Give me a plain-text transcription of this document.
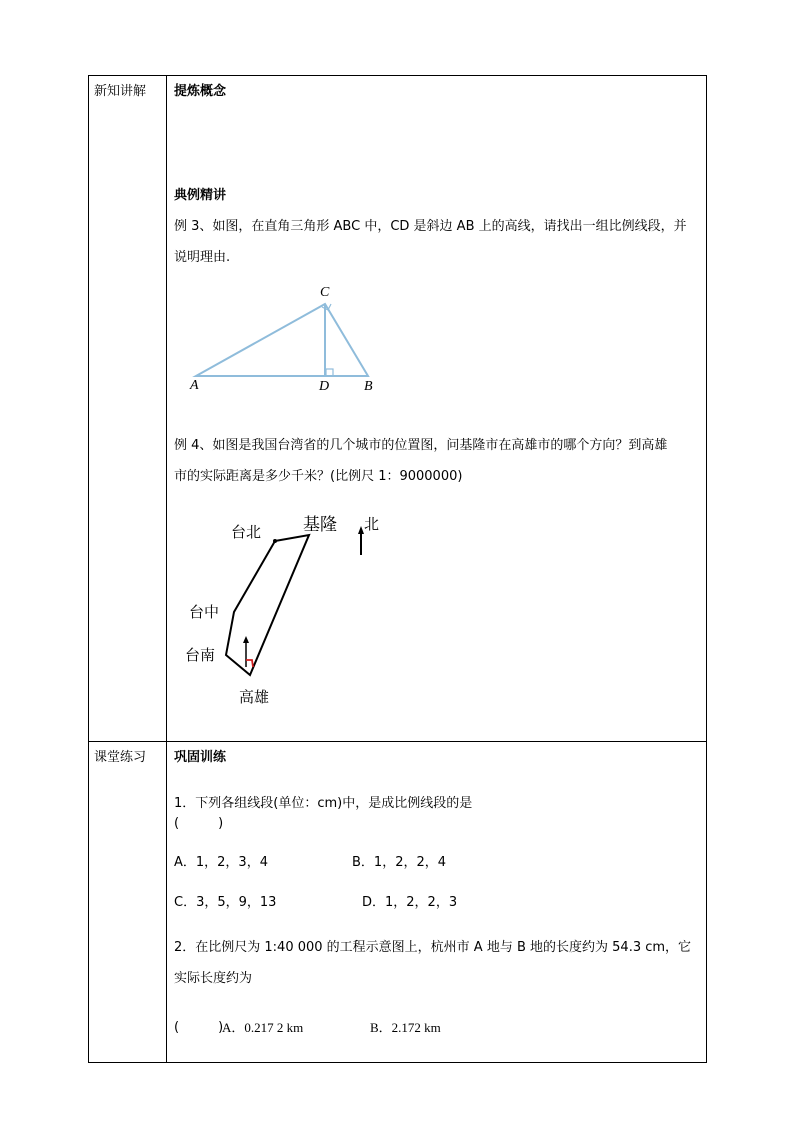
新知讲解 提炼概念
典例精讲
例 3、如图，在直角三角形 ABC 中，CD 是斜边 AB 上的高线，请找出一组比例线段，并
说明理由.
C
A	D B
例 4、如图是我国台湾省的几个城市的位置图，问基隆市在高雄市的哪个方向？到高雄
市的实际距离是多少千米？(比例尺 1：9000000)
台北 基隆 北
台中
台南
高雄
课堂练习 巩固训练
1．下列各组线段(单位：cm)中，是成比例线段的是
(　　　)
A．1，2，3，4	B．1，2，2，4
C．3，5，9，13	D．1，2，2，3
2．在比例尺为 1:40 000 的工程示意图上，杭州市 A 地与 B 地的长度约为 54.3 cm，它
实际长度约为
(　　　)
A．0.217 2 km	B．2.172 km
